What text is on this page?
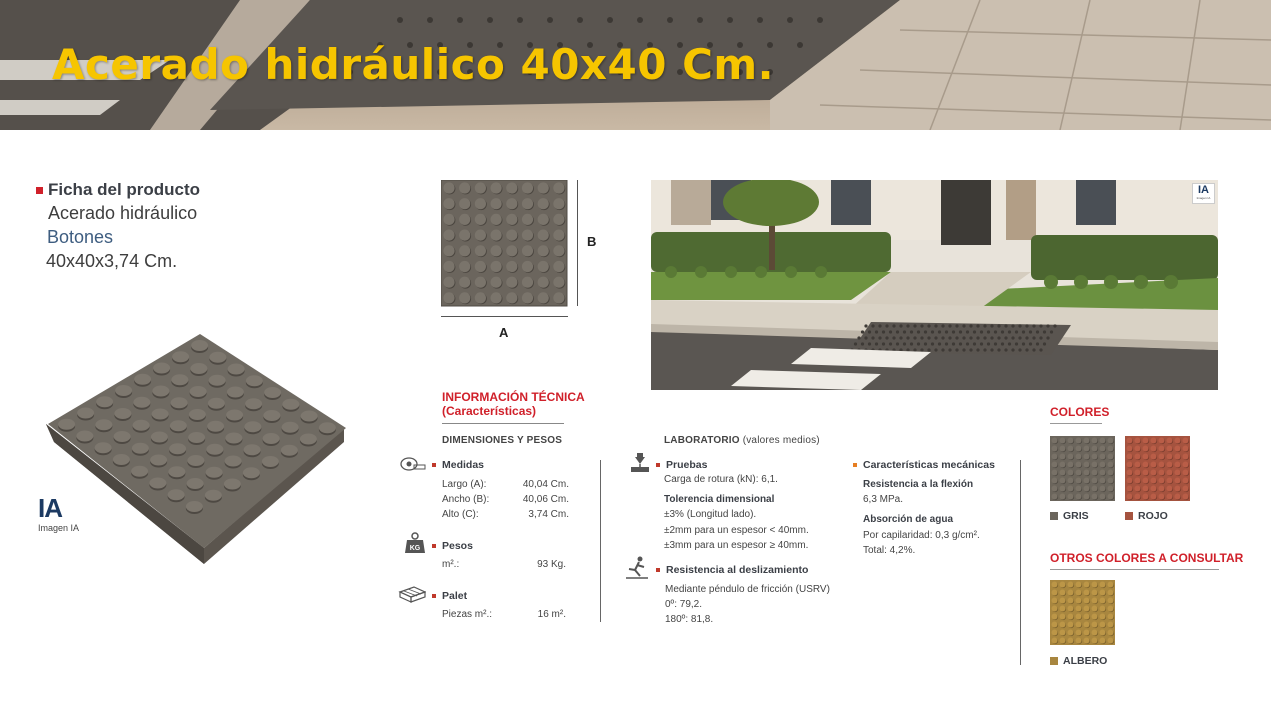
Acerado hidráulico 40x40 Cm.
Ficha del producto
Acerado hidráulico
Botones
40x40x3,74 Cm.
IA
Imagen IA
B
A
IA
Imagen IA
INFORMACIÓN TÉCNICA
(Características)
DIMENSIONES Y PESOS
Medidas
Largo (A):	40,04 Cm.
Ancho (B):	40,06 Cm.
Alto (C):	3,74 Cm.
KG Pesos
m².:	93 Kg.
Palet
Piezas m².:	16 m².
LABORATORIO (valores medios)
Pruebas
Carga de rotura (kN): 6,1.
Tolerencia dimensional
±3% (Longitud lado).
±2mm para un espesor < 40mm.
±3mm para un espesor ≥ 40mm.
Resistencia al deslizamiento
Mediante péndulo de fricción (USRV)
0º: 79,2.
180º: 81,8.
Características mecánicas
Resistencia a la flexión
6,3 MPa.
Absorción de agua
Por capilaridad: 0,3 g/cm².
Total: 4,2%.
COLORES
GRIS	ROJO
OTROS COLORES A CONSULTAR
ALBERO
